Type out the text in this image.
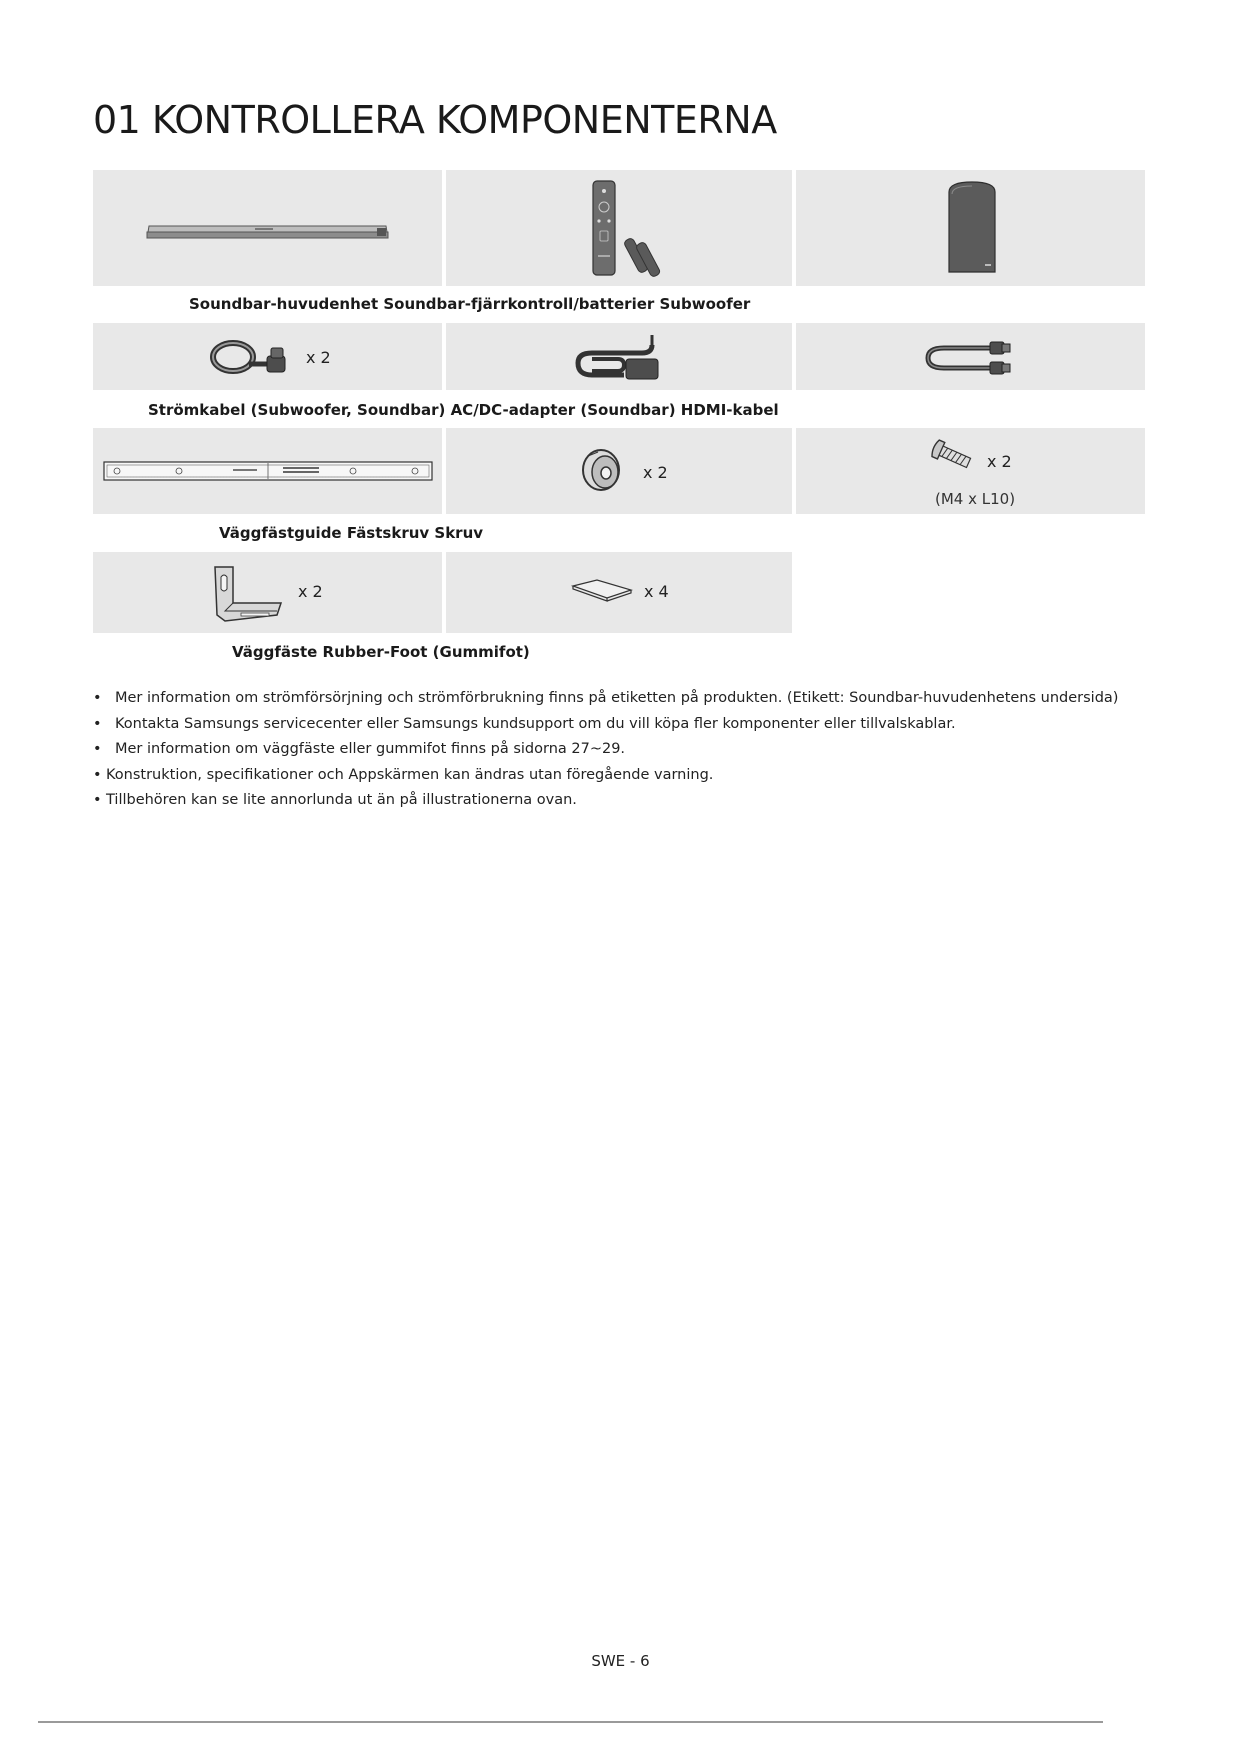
01 KONTROLLERA KOMPONENTERNA
Soundbar-huvudenhet Soundbar-fjärrkontroll/batterier Subwoofer
x 2
Strömkabel (Subwoofer, Soundbar) AC/DC-adapter (Soundbar) HDMI-kabel
x 2
x 2
(M4 x L10)
Väggfästguide Fästskruv Skruv
x 2	x 4
Väggfäste Rubber-Foot (Gummifot)
• Mer information om strömförsörjning och strömförbrukning finns på etiketten på produkten. (Etikett: Soundbar-huvudenhetens undersida)
• Kontakta Samsungs servicecenter eller Samsungs kundsupport om du vill köpa fler komponenter eller tillvalskablar.
• Mer information om väggfäste eller gummifot finns på sidorna 27~29.
• Konstruktion, specifikationer och Appskärmen kan ändras utan föregående varning.
• Tillbehören kan se lite annorlunda ut än på illustrationerna ovan.
SWE - 6
